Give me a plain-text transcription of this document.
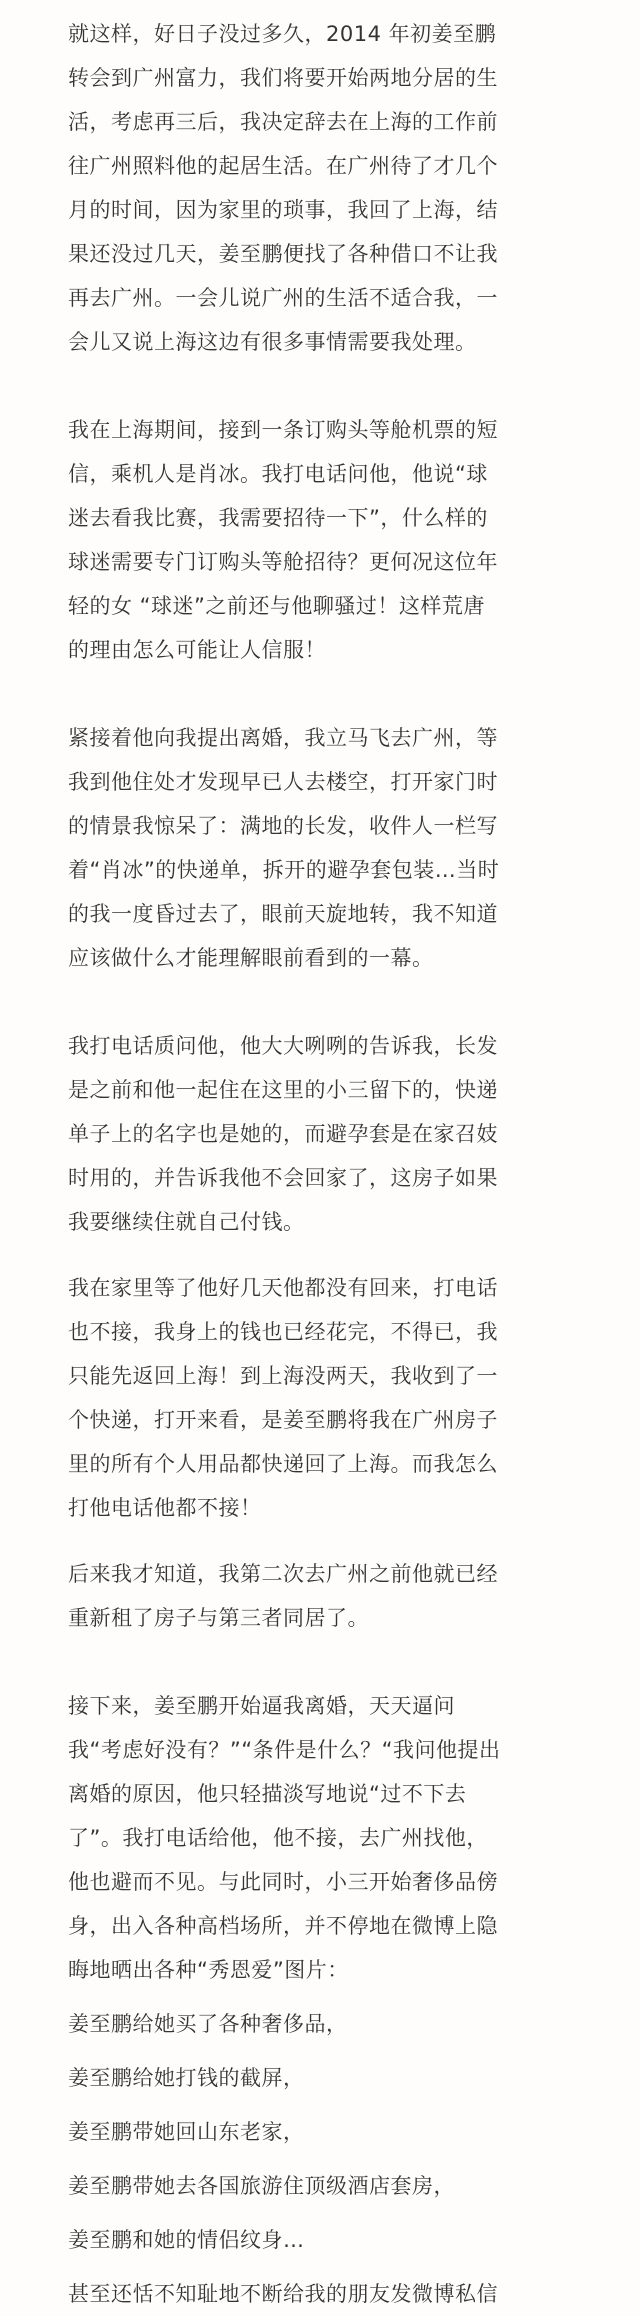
就这样，好日子没过多久，2014 年初姜至鹏
转会到广州富力，我们将要开始两地分居的生
活，考虑再三后，我决定辞去在上海的工作前
往广州照料他的起居生活。在广州待了才几个
月的时间，因为家里的琐事，我回了上海，结
果还没过几天，姜至鹏便找了各种借口不让我
再去广州。一会儿说广州的生活不适合我，一
会儿又说上海这边有很多事情需要我处理。

我在上海期间，接到一条订购头等舱机票的短
信，乘机人是肖冰。我打电话问他，他说“球
迷去看我比赛，我需要招待一下”，什么样的
球迷需要专门订购头等舱招待？更何况这位年
轻的女 “球迷”之前还与他聊骚过！这样荒唐
的理由怎么可能让人信服！

紧接着他向我提出离婚，我立马飞去广州，等
我到他住处才发现早已人去楼空，打开家门时
的情景我惊呆了：满地的长发，收件人一栏写
着“肖冰”的快递单，拆开的避孕套包装…当时
的我一度昏过去了，眼前天旋地转，我不知道
应该做什么才能理解眼前看到的一幕。

我打电话质问他，他大大咧咧的告诉我，长发
是之前和他一起住在这里的小三留下的，快递
单子上的名字也是她的，而避孕套是在家召妓
时用的，并告诉我他不会回家了，这房子如果
我要继续住就自己付钱。

我在家里等了他好几天他都没有回来，打电话
也不接，我身上的钱也已经花完，不得已，我
只能先返回上海！到上海没两天，我收到了一
个快递，打开来看，是姜至鹏将我在广州房子
里的所有个人用品都快递回了上海。而我怎么
打他电话他都不接！

后来我才知道，我第二次去广州之前他就已经
重新租了房子与第三者同居了。

接下来，姜至鹏开始逼我离婚，天天逼问
我“考虑好没有？”“条件是什么？“我问他提出
离婚的原因，他只轻描淡写地说“过不下去
了”。我打电话给他，他不接，去广州找他，
他也避而不见。与此同时，小三开始奢侈品傍
身，出入各种高档场所，并不停地在微博上隐
晦地晒出各种“秀恩爱”图片：

姜至鹏给她买了各种奢侈品，

姜至鹏给她打钱的截屏，

姜至鹏带她回山东老家，

姜至鹏带她去各国旅游住顶级酒店套房，

姜至鹏和她的情侣纹身…

甚至还恬不知耻地不断给我的朋友发微博私信
